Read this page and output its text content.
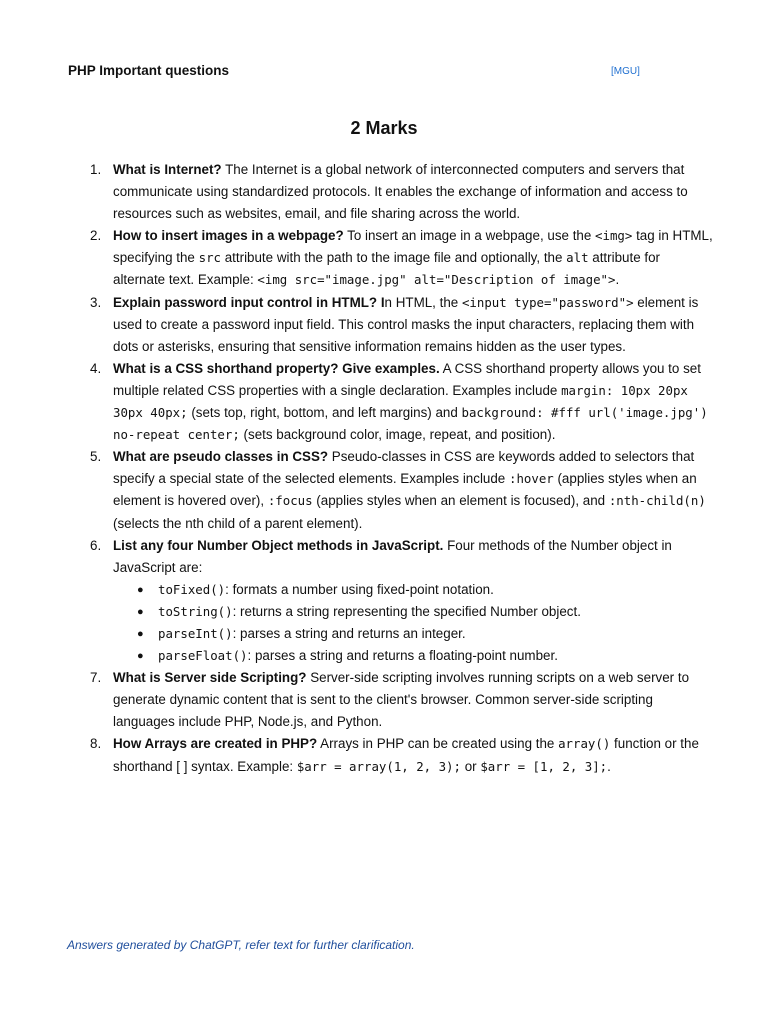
PHP Important questions	[MGU]
2 Marks
1. What is Internet? The Internet is a global network of interconnected computers and servers that communicate using standardized protocols. It enables the exchange of information and access to resources such as websites, email, and file sharing across the world.
2. How to insert images in a webpage? To insert an image in a webpage, use the <img> tag in HTML, specifying the src attribute with the path to the image file and optionally, the alt attribute for alternate text. Example: <img src="image.jpg" alt="Description of image">.
3. Explain password input control in HTML? In HTML, the <input type="password"> element is used to create a password input field. This control masks the input characters, replacing them with dots or asterisks, ensuring that sensitive information remains hidden as the user types.
4. What is a CSS shorthand property? Give examples. A CSS shorthand property allows you to set multiple related CSS properties with a single declaration. Examples include margin: 10px 20px 30px 40px; (sets top, right, bottom, and left margins) and background: #fff url('image.jpg') no-repeat center; (sets background color, image, repeat, and position).
5. What are pseudo classes in CSS? Pseudo-classes in CSS are keywords added to selectors that specify a special state of the selected elements. Examples include :hover (applies styles when an element is hovered over), :focus (applies styles when an element is focused), and :nth-child(n) (selects the nth child of a parent element).
6. List any four Number Object methods in JavaScript. Four methods of the Number object in JavaScript are:
● toFixed(): formats a number using fixed-point notation.
● toString(): returns a string representing the specified Number object.
● parseInt(): parses a string and returns an integer.
● parseFloat(): parses a string and returns a floating-point number.
7. What is Server side Scripting? Server-side scripting involves running scripts on a web server to generate dynamic content that is sent to the client's browser. Common server-side scripting languages include PHP, Node.js, and Python.
8. How Arrays are created in PHP? Arrays in PHP can be created using the array() function or the shorthand [ ] syntax. Example: $arr = array(1, 2, 3); or $arr = [1, 2, 3];.
Answers generated by ChatGPT, refer text for further clarification.
